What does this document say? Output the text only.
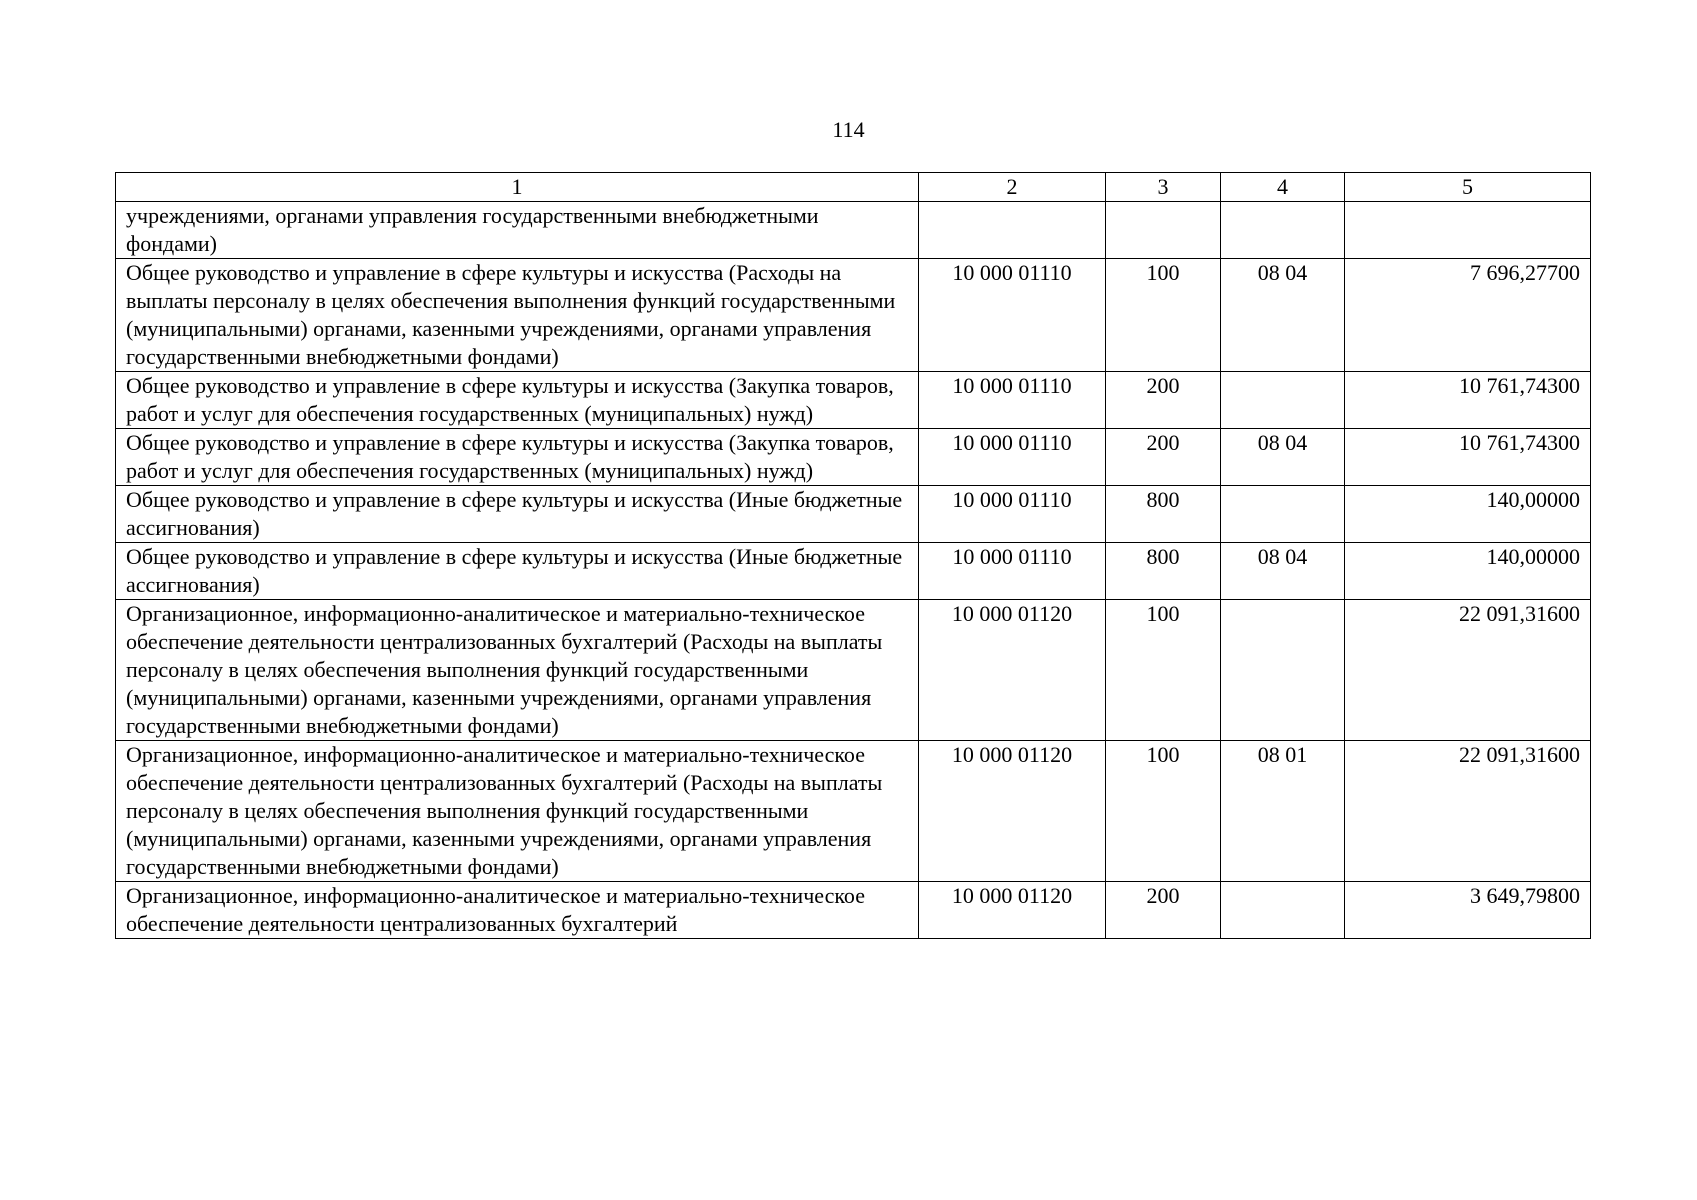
114
1	2	3	4	5
учреждениями, органами управления государственными внебюджетными фондами)				
Общее руководство и управление в сфере культуры и искусства (Расходы на выплаты персоналу в целях обеспечения выполнения функций государственными (муниципальными) органами, казенными учреждениями, органами управления государственными внебюджетными фондами)	10 000 01110	100	08 04	7 696,27700
Общее руководство и управление в сфере культуры и искусства (Закупка товаров, работ и услуг для обеспечения государственных (муниципальных) нужд)	10 000 01110	200		10 761,74300
Общее руководство и управление в сфере культуры и искусства (Закупка товаров, работ и услуг для обеспечения государственных (муниципальных) нужд)	10 000 01110	200	08 04	10 761,74300
Общее руководство и управление в сфере культуры и искусства (Иные бюджетные ассигнования)	10 000 01110	800		140,00000
Общее руководство и управление в сфере культуры и искусства (Иные бюджетные ассигнования)	10 000 01110	800	08 04	140,00000
Организационное, информационно-аналитическое и материально-техническое обеспечение деятельности централизованных бухгалтерий (Расходы на выплаты персоналу в целях обеспечения выполнения функций государственными (муниципальными) органами, казенными учреждениями, органами управления государственными внебюджетными фондами)	10 000 01120	100		22 091,31600
Организационное, информационно-аналитическое и материально-техническое обеспечение деятельности централизованных бухгалтерий (Расходы на выплаты персоналу в целях обеспечения выполнения функций государственными (муниципальными) органами, казенными учреждениями, органами управления государственными внебюджетными фондами)	10 000 01120	100	08 01	22 091,31600
Организационное, информационно-аналитическое и материально-техническое обеспечение деятельности централизованных бухгалтерий	10 000 01120	200		3 649,79800
